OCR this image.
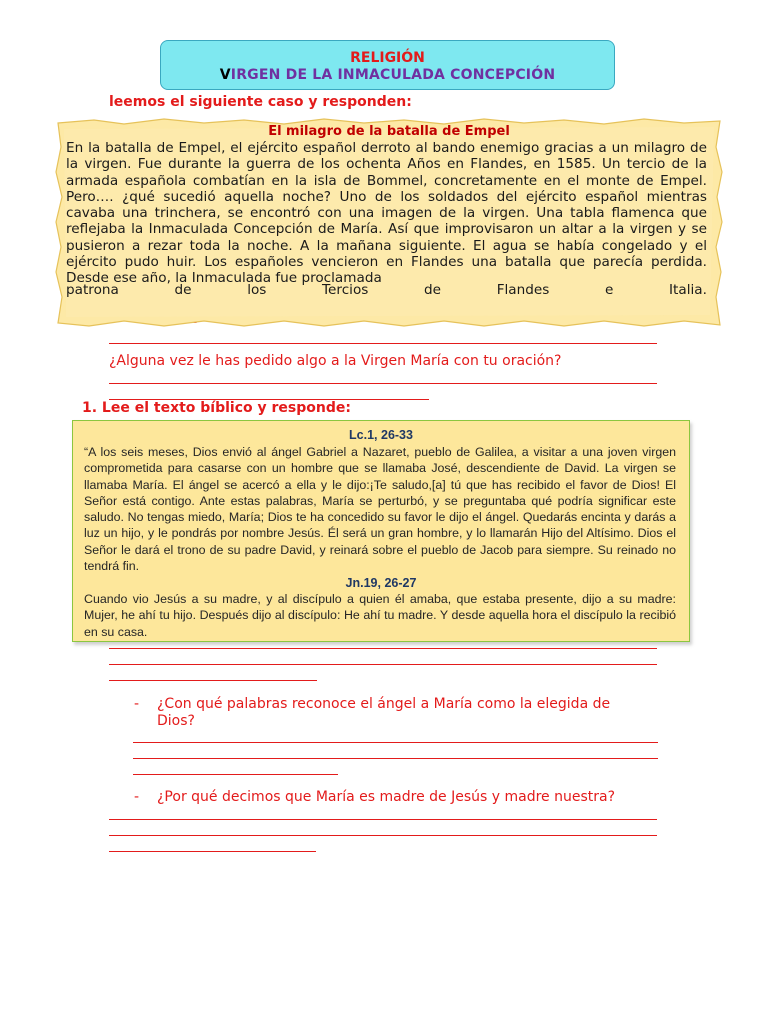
RELIGIÓN
VIRGEN DE LA INMACULADA CONCEPCIÓN
leemos el siguiente caso y responden:
El milagro de la batalla de Empel
En la batalla de Empel, el ejército español derroto al bando enemigo gracias a un milagro de la virgen. Fue durante la guerra de los ochenta Años en Flandes, en 1585. Un tercio de la armada española combatían en la isla de Bommel, concretamente en el monte de Empel. Pero…. ¿qué sucedió aquella noche? Uno de los soldados del ejército español mientras cavaba una trinchera, se encontró con una imagen de la virgen. Una tabla flamenca que reflejaba la Inmaculada Concepción de María. Así que improvisaron un altar a la virgen y se pusieron a rezar toda la noche. A la mañana siguiente. El agua se había congelado y el ejército pudo huir. Los españoles vencieron en Flandes una batalla que parecía perdida. Desde ese año, la Inmaculada fue proclamada
patrona	de	los	Tercios	de	Flandes	e	Italia.
¿Alguna vez le has pedido algo a la Virgen María con tu oración?
1. Lee el texto bíblico y responde:
Lc.1, 26-33
“A los seis meses, Dios envió al ángel Gabriel a Nazaret, pueblo de Galilea, a visitar a una joven virgen comprometida para casarse con un hombre que se llamaba José, descendiente de David. La virgen se llamaba María. El ángel se acercó a ella y le dijo:¡Te saludo,[a] tú que has recibido el favor de Dios! El Señor está contigo. Ante estas palabras, María se perturbó, y se preguntaba qué podría significar este saludo. No tengas miedo, María; Dios te ha concedido su favor le dijo el ángel. Quedarás encinta y darás a luz un hijo, y le pondrás por nombre Jesús. Él será un gran hombre, y lo llamarán Hijo del Altísimo. Dios el Señor le dará el trono de su padre David, y reinará sobre el pueblo de Jacob para siempre. Su reinado no tendrá fin.
Jn.19, 26-27
Cuando vio Jesús a su madre, y al discípulo a quien él amaba, que estaba presente, dijo a su madre: Mujer, he ahí tu hijo. Después dijo al discípulo: He ahí tu madre. Y desde aquella hora el discípulo la recibió en su casa.
- ¿Con qué palabras reconoce el ángel a María como la elegida de Dios?
- ¿Por qué decimos que María es madre de Jesús y madre nuestra?
